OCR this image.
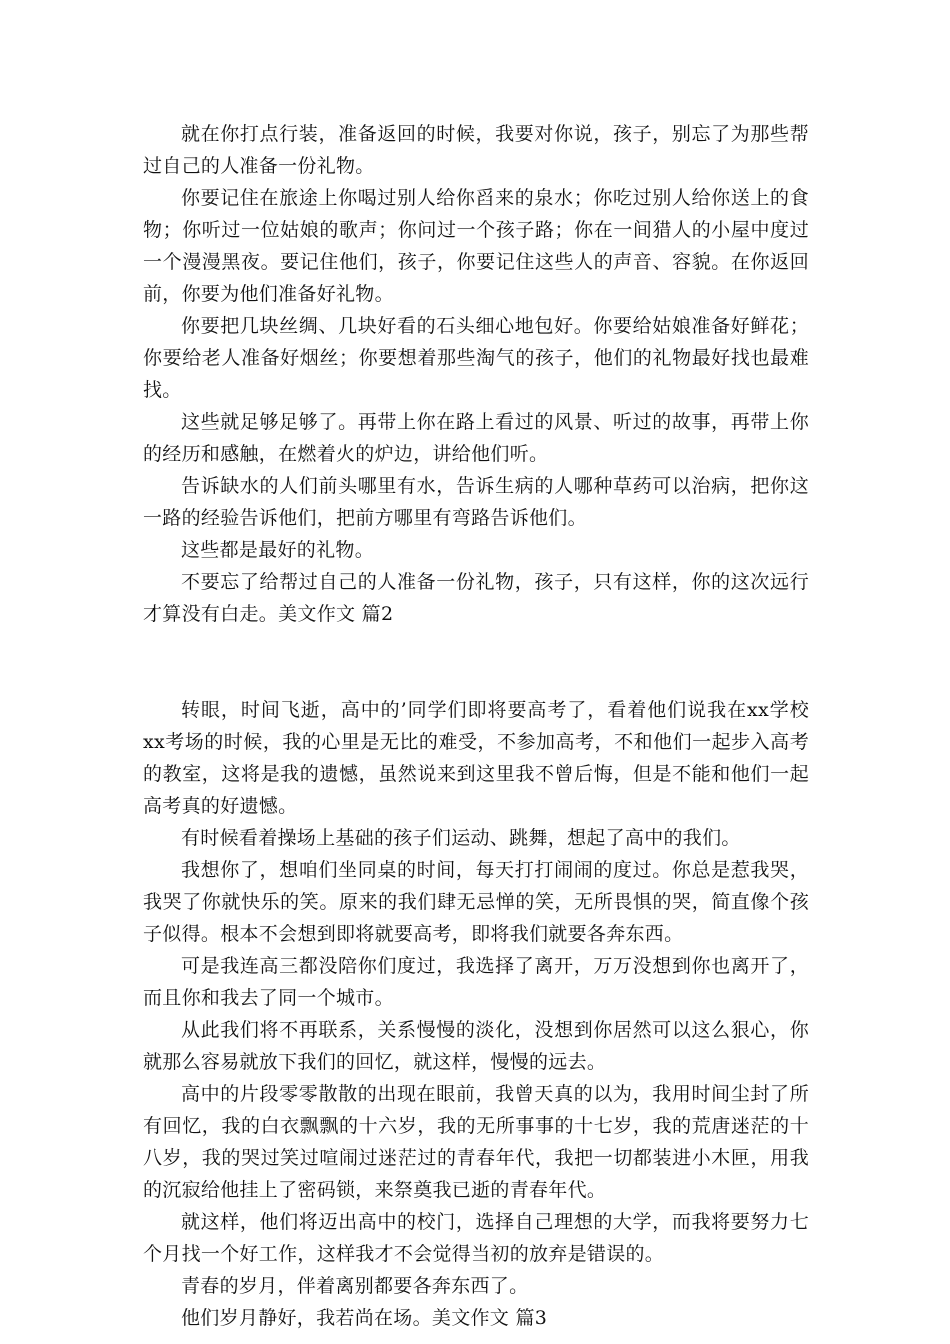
就在你打点行装，准备返回的时候，我要对你说，孩子，别忘了为那些帮过自己的人准备一份礼物。

你要记住在旅途上你喝过别人给你舀来的泉水；你吃过别人给你送上的食物；你听过一位姑娘的歌声；你问过一个孩子路；你在一间猎人的小屋中度过一个漫漫黑夜。要记住他们，孩子，你要记住这些人的声音、容貌。在你返回前，你要为他们准备好礼物。

你要把几块丝绸、几块好看的石头细心地包好。你要给姑娘准备好鲜花；你要给老人准备好烟丝；你要想着那些淘气的孩子，他们的礼物最好找也最难找。

这些就足够足够了。再带上你在路上看过的风景、听过的故事，再带上你的经历和感触，在燃着火的炉边，讲给他们听。

告诉缺水的人们前头哪里有水，告诉生病的人哪种草药可以治病，把你这一路的经验告诉他们，把前方哪里有弯路告诉他们。

这些都是最好的礼物。

不要忘了给帮过自己的人准备一份礼物，孩子，只有这样，你的这次远行才算没有白走。美文作文 篇2

转眼，时间飞逝，高中的’同学们即将要高考了，看着他们说我在xx学校xx考场的时候，我的心里是无比的难受，不参加高考，不和他们一起步入高考的教室，这将是我的遗憾，虽然说来到这里我不曾后悔，但是不能和他们一起高考真的好遗憾。

有时候看着操场上基础的孩子们运动、跳舞，想起了高中的我们。

我想你了，想咱们坐同桌的时间，每天打打闹闹的度过。你总是惹我哭，我哭了你就快乐的笑。原来的我们肆无忌惮的笑，无所畏惧的哭，简直像个孩子似得。根本不会想到即将就要高考，即将我们就要各奔东西。

可是我连高三都没陪你们度过，我选择了离开，万万没想到你也离开了，而且你和我去了同一个城市。

从此我们将不再联系，关系慢慢的淡化，没想到你居然可以这么狠心，你就那么容易就放下我们的回忆，就这样，慢慢的远去。

高中的片段零零散散的出现在眼前，我曾天真的以为，我用时间尘封了所有回忆，我的白衣飘飘的十六岁，我的无所事事的十七岁，我的荒唐迷茫的十八岁，我的哭过笑过喧闹过迷茫过的青春年代，我把一切都装进小木匣，用我的沉寂给他挂上了密码锁，来祭奠我已逝的青春年代。

就这样，他们将迈出高中的校门，选择自己理想的大学，而我将要努力七个月找一个好工作，这样我才不会觉得当初的放弃是错误的。

青春的岁月，伴着离别都要各奔东西了。

他们岁月静好，我若尚在场。美文作文 篇3
